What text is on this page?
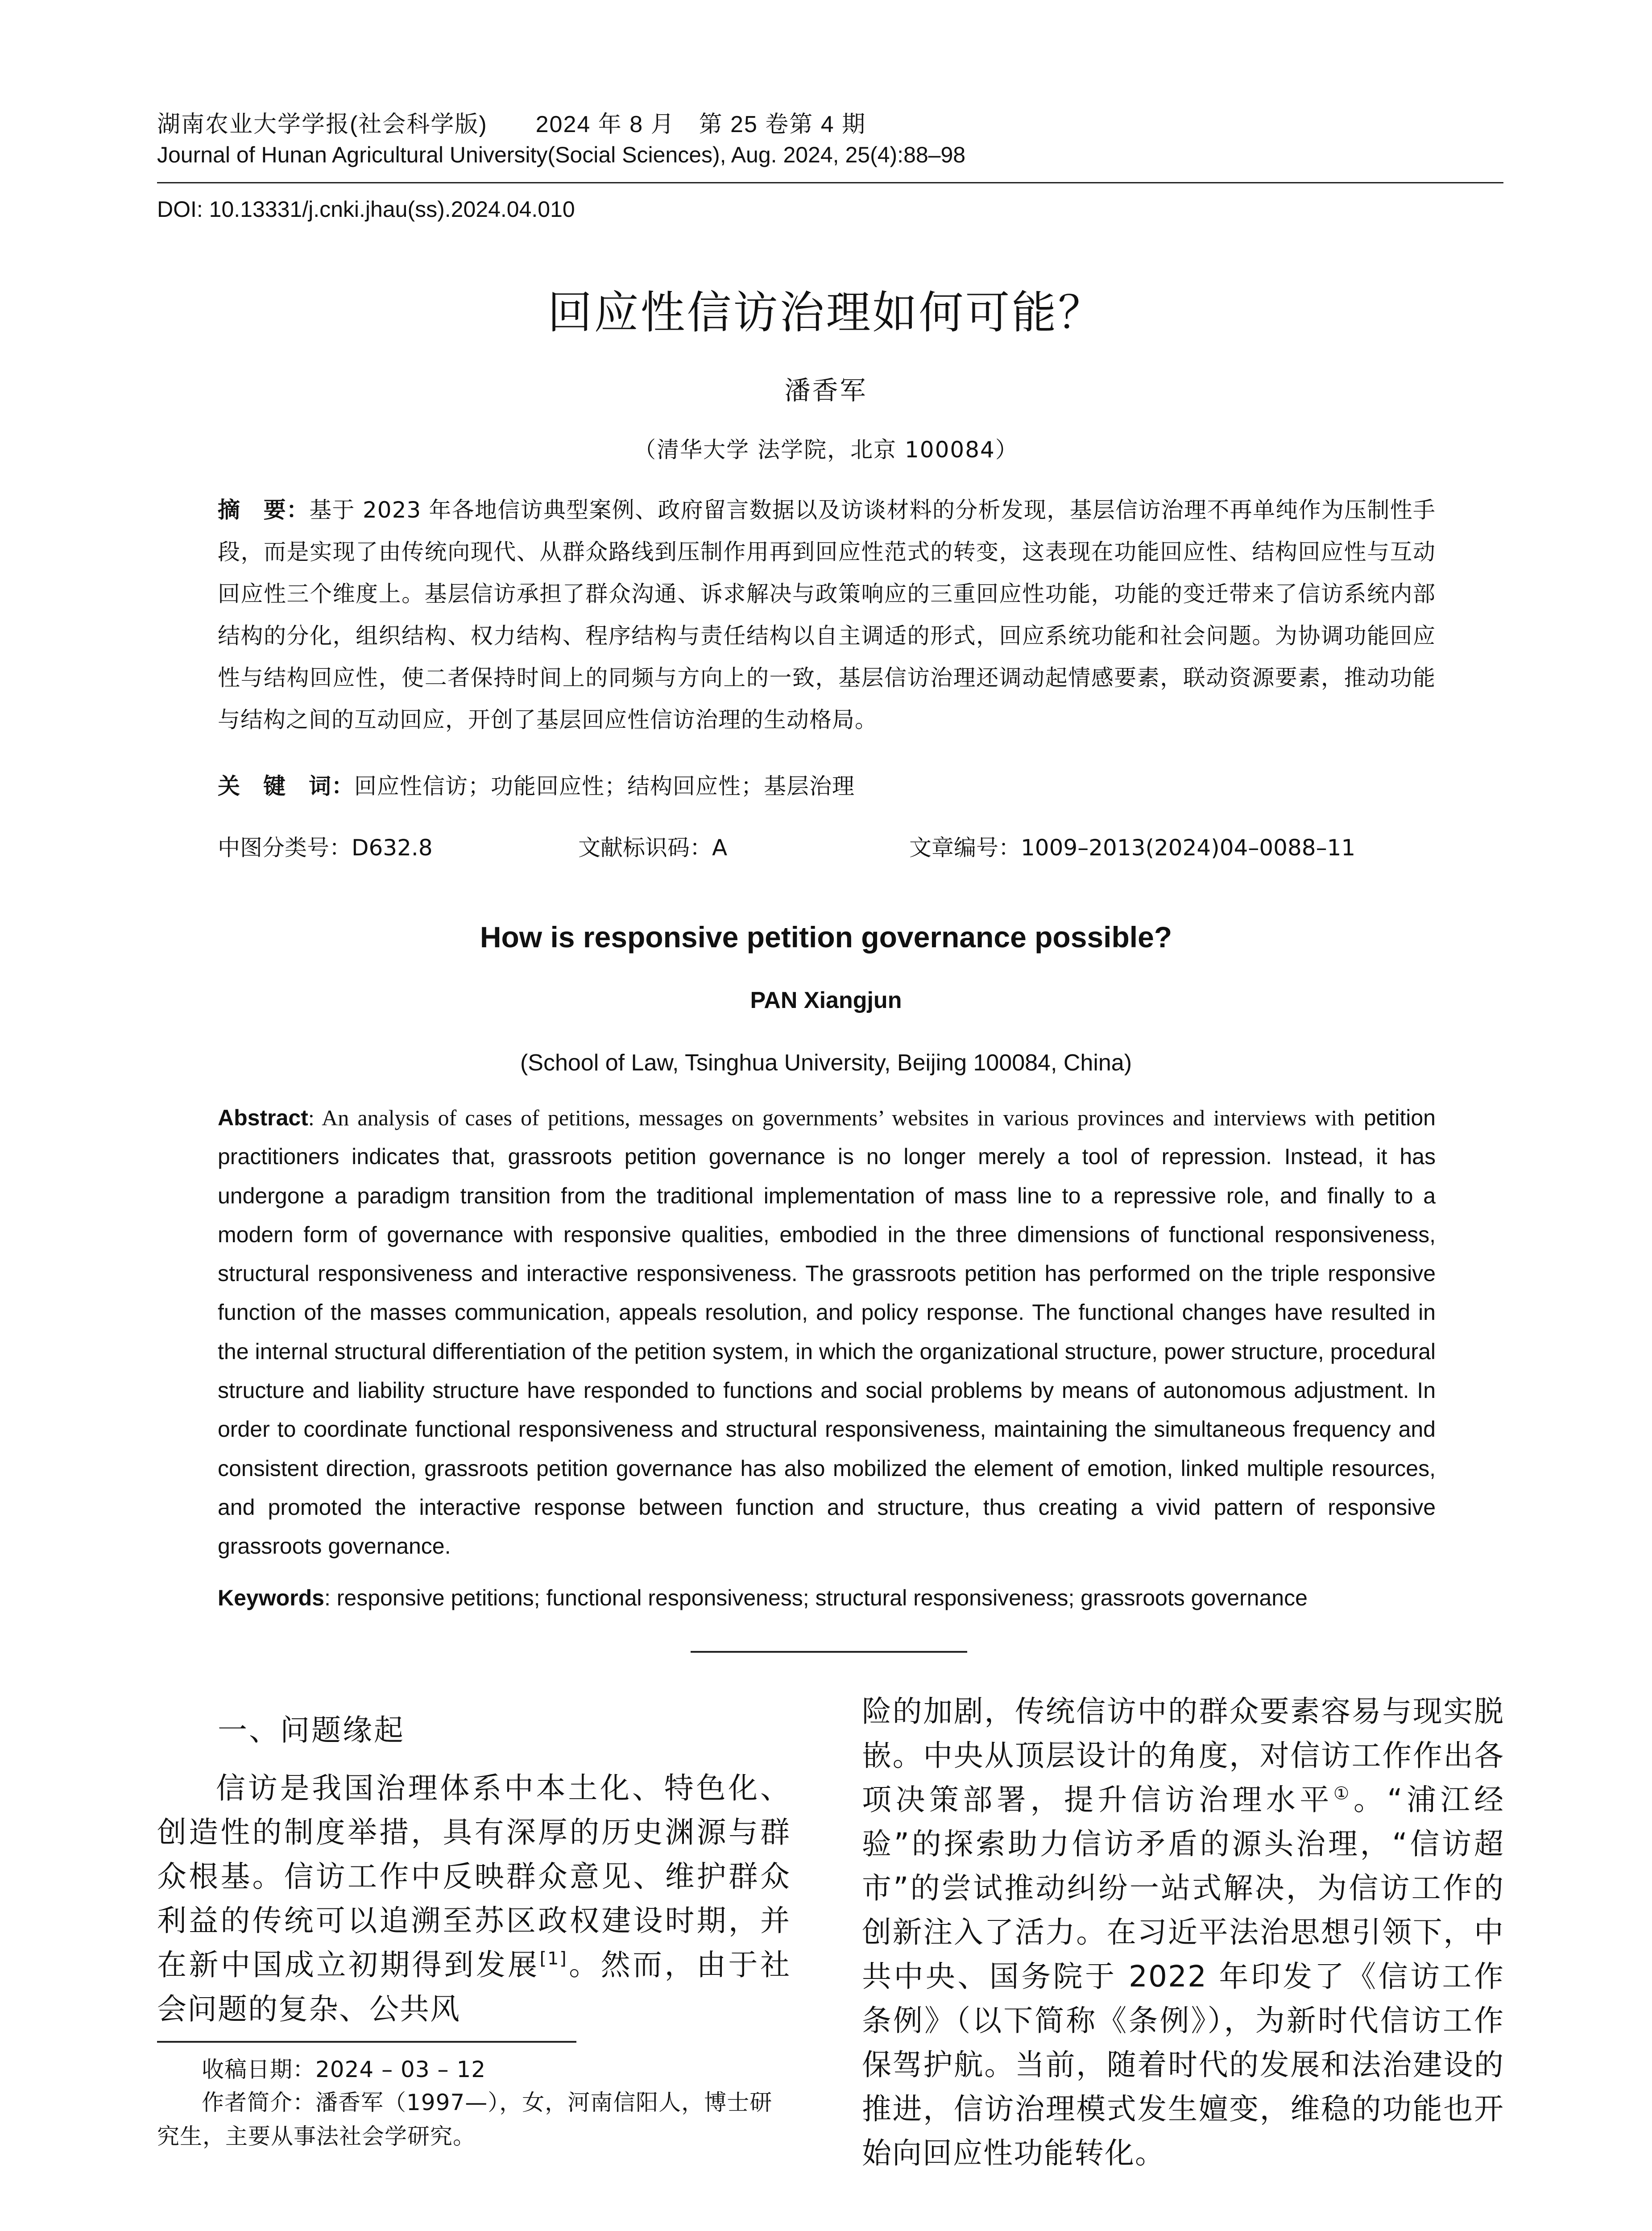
湖南农业大学学报(社会科学版)　　2024 年 8 月　第 25 卷第 4 期
Journal of Hunan Agricultural University(Social Sciences), Aug. 2024, 25(4):88–98
DOI: 10.13331/j.cnki.jhau(ss).2024.04.010
回应性信访治理如何可能？
潘香军
（清华大学 法学院，北京 100084）
摘　要：基于 2023 年各地信访典型案例、政府留言数据以及访谈材料的分析发现，基层信访治理不再单纯作为压制性手段，而是实现了由传统向现代、从群众路线到压制作用再到回应性范式的转变，这表现在功能回应性、结构回应性与互动回应性三个维度上。基层信访承担了群众沟通、诉求解决与政策响应的三重回应性功能，功能的变迁带来了信访系统内部结构的分化，组织结构、权力结构、程序结构与责任结构以自主调适的形式，回应系统功能和社会问题。为协调功能回应性与结构回应性，使二者保持时间上的同频与方向上的一致，基层信访治理还调动起情感要素，联动资源要素，推动功能与结构之间的互动回应，开创了基层回应性信访治理的生动格局。
关　键　词：回应性信访；功能回应性；结构回应性；基层治理
中图分类号：D632.8	文献标识码：A	文章编号：1009–2013(2024)04–0088–11
How is responsive petition governance possible?
PAN Xiangjun
(School of Law, Tsinghua University, Beijing 100084, China)
Abstract: An analysis of cases of petitions, messages on governments’ websites in various provinces and interviews with petition practitioners indicates that, grassroots petition governance is no longer merely a tool of repression. Instead, it has undergone a paradigm transition from the traditional implementation of mass line to a repressive role, and finally to a modern form of governance with responsive qualities, embodied in the three dimensions of functional responsiveness, structural responsiveness and interactive responsiveness. The grassroots petition has performed on the triple responsive function of the masses communication, appeals resolution, and policy response. The functional changes have resulted in the internal structural differentiation of the petition system, in which the organizational structure, power structure, procedural structure and liability structure have responded to functions and social problems by means of autonomous adjustment. In order to coordinate functional responsiveness and structural responsiveness, maintaining the simultaneous frequency and consistent direction, grassroots petition governance has also mobilized the element of emotion, linked multiple resources, and promoted the interactive response between function and structure, thus creating a vivid pattern of responsive grassroots governance.
Keywords: responsive petitions; functional responsiveness; structural responsiveness; grassroots governance
一、问题缘起
信访是我国治理体系中本土化、特色化、创造性的制度举措，具有深厚的历史渊源与群众根基。信访工作中反映群众意见、维护群众利益的传统可以追溯至苏区政权建设时期，并在新中国成立初期得到发展[1]。然而，由于社会问题的复杂、公共风
险的加剧，传统信访中的群众要素容易与现实脱嵌。中央从顶层设计的角度，对信访工作作出各项决策部署，提升信访治理水平①。“浦江经验”的探索助力信访矛盾的源头治理，“信访超市”的尝试推动纠纷一站式解决，为信访工作的创新注入了活力。在习近平法治思想引领下，中共中央、国务院于 2022 年印发了《信访工作条例》（以下简称《条例》），为新时代信访工作保驾护航。当前，随着时代的发展和法治建设的推进，信访治理模式发生嬗变，维稳的功能也开始向回应性功能转化。
收稿日期：2024 – 03 – 12
作者简介：潘香军（1997—），女，河南信阳人，博士研究生，主要从事法社会学研究。
